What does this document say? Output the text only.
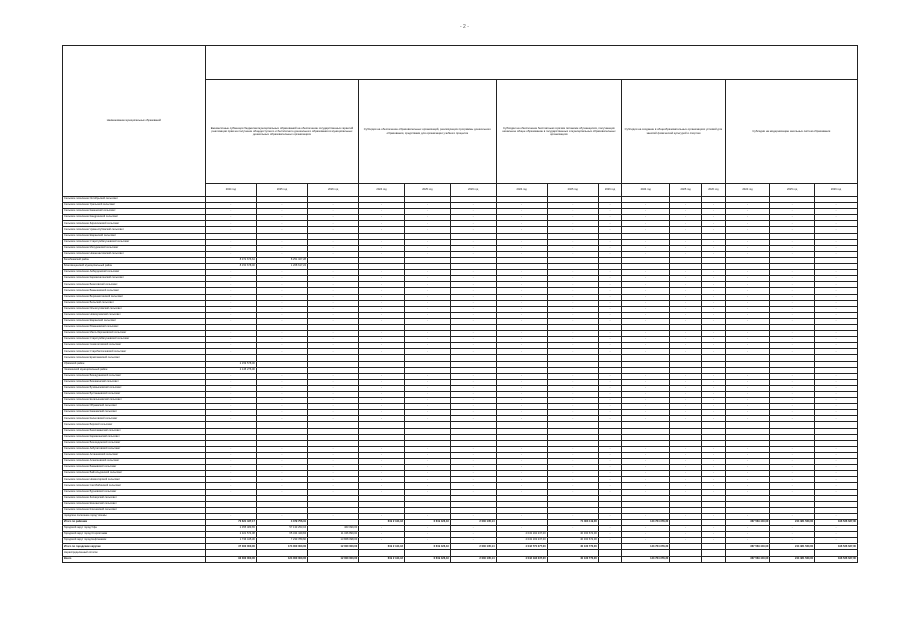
- 2 -
Наименование муниципальных образований															
	Ежемесячные субвенции бюджетам муниципальных образований на обеспечение государственных гарантий реализации прав на получение общедоступного и бесплатного дошкольного образования в муниципальных дошкольных образовательных организациях			Субсидии на обеспечение образовательных организаций, реализующих программы дошкольного образования, средствами для организации учебного процесса			Субсидии на обеспечение бесплатным горячим питанием обучающихся, получающих начальное общее образование в государственных и муниципальных образовательных организациях			Субсидии на создание в общеобразовательных организациях условий для занятий физической культурой и спортом			Субсидии на модернизацию школьных систем образования		
	2024 год	2025 год	2026 год	2024 год	2025 год	2026 год	2024 год	2025 год	2026 год	2024 год	2025 год	2026 год	2024 год	2025 год	2026 год
Сельское поселение Октябрьский сельсовет															
Сельское поселение Уральский сельсовет	-	-	-	-	-	-	-	-	-	-	-	-	-	-	-
Сельское поселение Каменский сельсовет	-	-	-	-	-	-	-	-	-	-	-	-	-	-	-
Сельское поселение Кандринский сельсовет	-	-	-	-	-	-	-	-	-	-	-	-	-	-	-
Сельское поселение Зириклинский сельсовет	-	-	-	-	-	-	-	-	-	-	-	-	-	-	-
Сельское поселение Чуваш-Кубовский сельсовет	-	-	-	-	-	-	-	-	-	-	-	-	-	-	-
Сельское поселение Шаранский сельсовет															
Сельское поселение Старотумбагушевский сельсовет	-	-	-	-	-	-	-	-	-	-	-	-	-	-	-
Сельское поселение Мичуринский сельсовет	-	-	-	-	-	-	-	-	-	-	-	-	-	-	-
Сельское поселение Нижнезаитовский сельсовет	-	-	-	-	-	-	-	-	-	-	-	-	-	-	-
Белебеевский район	8 372 676,64	8 251 327,28													
Благовещенский муниципальный район	8 150 678,40	1 268 617,24													
Сельское поселение Акбердинский сельсовет	-	-	-	-	-	-	-	-	-	-	-	-	-	-	-
Сельское поселение Кармаскалинский сельсовет	-	-	-	-	-	-	-	-	-	-	-	-	-	-	-
Сельское поселение Бекетовский сельсовет	-	-	-	-	-	-	-	-	-	-	-	-	-	-	-
Сельское поселение Ванышевский сельсовет	-	-	-	-	-	-	-	-	-	-	-	-	-	-	-
Сельское поселение Верхнекигинский сельсовет	-	-	-	-	-	-	-	-	-	-	-	-	-	-	-
Сельское поселение Бельский сельсовет	-	-	-	-	-	-	-	-	-	-	-	-	-	-	-
Сельское поселение Ильчигуловский сельсовет	-	-	-	-	-	-	-	-	-	-	-	-	-	-	-
Сельское поселение Новокулевский сельсовет	-	-	-	-	-	-	-	-	-	-	-	-	-	-	-
Сельское поселение Шаранский сельсовет	-	-	-	-	-	-	-	-	-	-	-	-	-	-	-
Сельское поселение Юмашевский сельсовет															
Сельское поселение Мало-Зиргановский сельсовет	-	-	-	-	-	-	-	-	-	-	-	-	-	-	-
Сельское поселение Старотумбагушевский сельсовет	-	-	-	-	-	-	-	-	-	-	-	-	-	-	-
Сельское поселение Семилетовский сельсовет	-	-	-	-	-	-	-	-	-	-	-	-	-	-	-
Сельское поселение Старобалтачевский сельсовет	-	-	-	-	-	-	-	-	-	-	-	-	-	-	-
Сельское поселение Ермолаевский сельсовет															
Уфимский район	2 159 578,00														
Чишминский муниципальный район	2 145 276,00														
Сельское поселение Бишкураевский сельсовет	-	-	-	-	-	-	-	-	-	-	-	-	-	-	-
Сельское поселение Бишкаинский сельсовет	-	-	-	-	-	-	-	-	-	-	-	-	-	-	-
Сельское поселение Бузовьязовский сельсовет	-	-	-	-	-	-	-	-	-	-	-	-	-	-	-
Сельское поселение Бустанаевский сельсовет	-	-	-	-	-	-	-	-	-	-	-	-	-	-	-
Сельское поселение Енгалышевский сельсовет	-	-	-	-	-	-	-	-	-	-	-	-	-	-	-
Сельское поселение Ибраевский сельсовет	-	-	-	-	-	-	-	-	-	-	-	-	-	-	-
Сельское поселение Камеевский сельсовет	-	-	-	-	-	-	-	-	-	-	-	-	-	-	-
Сельское поселение Кальтовский сельсовет	-	-	-	-	-	-	-	-	-	-	-	-	-	-	-
Сельское поселение Бирский сельсовет															
Сельское поселение Базитамакский сельсовет															
Сельское поселение Кармасанский сельсовет															
Сельское поселение Бишиндинский сельсовет															
Сельское поселение Акбулатовский сельсовет	-	-	-	-	-	-	-	-	-	-	-	-	-	-	-
Сельское поселение Акташевский сельсовет	-	-	-	-	-	-	-	-	-	-	-	-	-	-	-
Сельское поселение Алексеевский сельсовет	-	-	-	-	-	-	-	-	-	-	-	-	-	-	-
Сельское поселение Бакаевский сельсовет	-	-	-	-	-	-	-	-	-	-	-	-	-	-	-
Сельское поселение Байгильдинский сельсовет	-	-	-	-	-	-	-	-	-	-	-	-	-	-	-
Сельское поселение Нимислярский сельсовет	-	-	-	-	-	-	-	-	-	-	-	-	-	-	-
Сельское поселение Саитбабинский сельсовет	-	-	-	-	-	-	-	-	-	-	-	-	-	-	-
Сельское поселение Бурновский сельсовет	-	-	-	-	-	-	-	-	-	-	-	-	-	-	-
Сельское поселение Зилаирский сельсовет															
Сельское поселение Шингакский сельсовет															
Сельское поселение Ключевский сельсовет															
городское поселение город Чишмы	-	-	-	-	-	-	-	-	-	-	-	-	-	-	-
Итого по районам	70 621 437,17	4 379 756,31		619 2 444,43	6 619 426,43	2 030 135,14		71 363 119,06		143 764 378,30			367 569 440,00	244 381 560,00	196 526 637,00
Городской округ город Уфа	2 355 489,65	57 133 253,04	463 099,00	-	-	-	-	-	-	-	-	-	-	-	-
Городской округ город Стерлитамак	2 321 574,08	65 344 449,84	11 346 899,02	-	-	-	4 043 192 237,00	40 330 672,00	-	-	-	-	-	-	-
Городской округ город Нефтекамск	1 736 445,30	7 233 789,60	13 868 098,00	-	-	-	4 043 193 237,00	40 330 672,00	-	-	-	-	-	-	-
Итого по городским округам	37 300 000,00	174 000 000,00	12 000 000,00	619 2 444,43	6 619 426,43	2 030 135,14	4 043 770 377,00	40 130 770,00		143 764 378,30			367 569 440,00	244 381 560,00	196 526 637,00
Нераспределенный остаток															
Всего	92 300 000,00	124 000 000,00	12 000 000,00	619 2 444,43	6 619 426,43	2 030 135,14	4 043 193 237,00	40 130 770,00		143 764 378,30			367 569 440,00	244 381 560,00	196 526 637,00
